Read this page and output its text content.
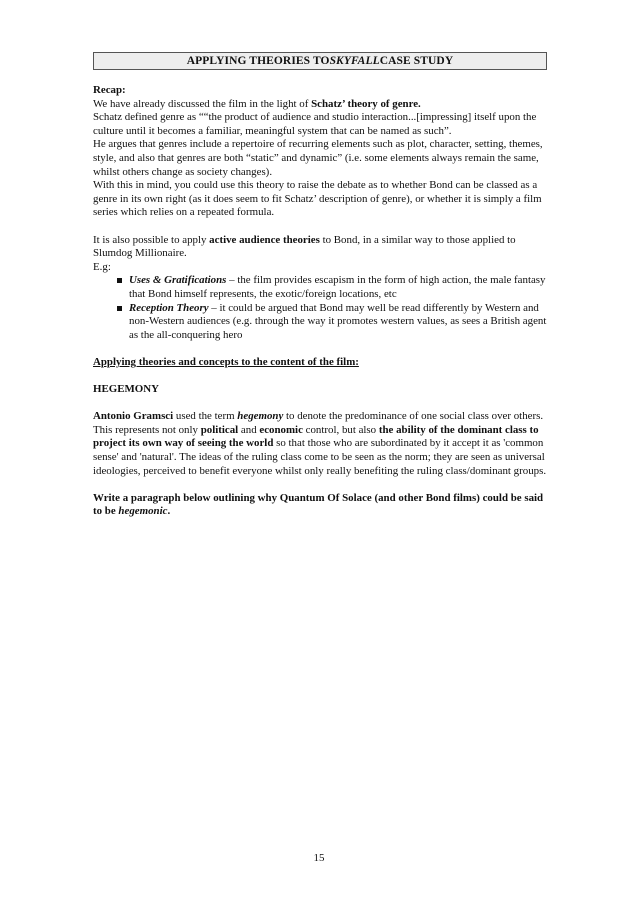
APPLYING THEORIES TO SKYFALL CASE STUDY

Recap:

We have already discussed the film in the light of Schatz’ theory of genre.

Schatz defined genre as ““the product of audience and studio interaction...[impressing] itself upon the culture until it becomes a familiar, meaningful system that can be named as such”.

He argues that genres include a repertoire of recurring elements such as plot, character, setting, themes, style, and also that genres are both “static” and dynamic” (i.e. some elements always remain the same, whilst others change as society changes).

With this in mind, you could use this theory to raise the debate as to whether Bond can be classed as a genre in its own right (as it does seem to fit Schatz’ description of genre), or whether it is simply a film series which relies on a repeated formula.

It is also possible to apply active audience theories to Bond, in a similar way to those applied to Slumdog Millionaire.

E.g:

Uses & Gratifications – the film provides escapism in the form of high action, the male fantasy that Bond himself represents, the exotic/foreign locations, etc
Reception Theory – it could be argued that Bond may well be read differently by Western and non-Western audiences (e.g. through the way it promotes western values, as sees a British agent as the all-conquering hero

Applying theories and concepts to the content of the film:

HEGEMONY

Antonio Gramsci used the term hegemony to denote the predominance of one social class over others. This represents not only political and economic control, but also the ability of the dominant class to project its own way of seeing the world so that those who are subordinated by it accept it as 'common sense' and 'natural'. The ideas of the ruling class come to be seen as the norm; they are seen as universal ideologies, perceived to benefit everyone whilst only really benefiting the ruling class/dominant groups.

Write a paragraph below outlining why Quantum Of Solace (and other Bond films) could be said to be hegemonic.

15
